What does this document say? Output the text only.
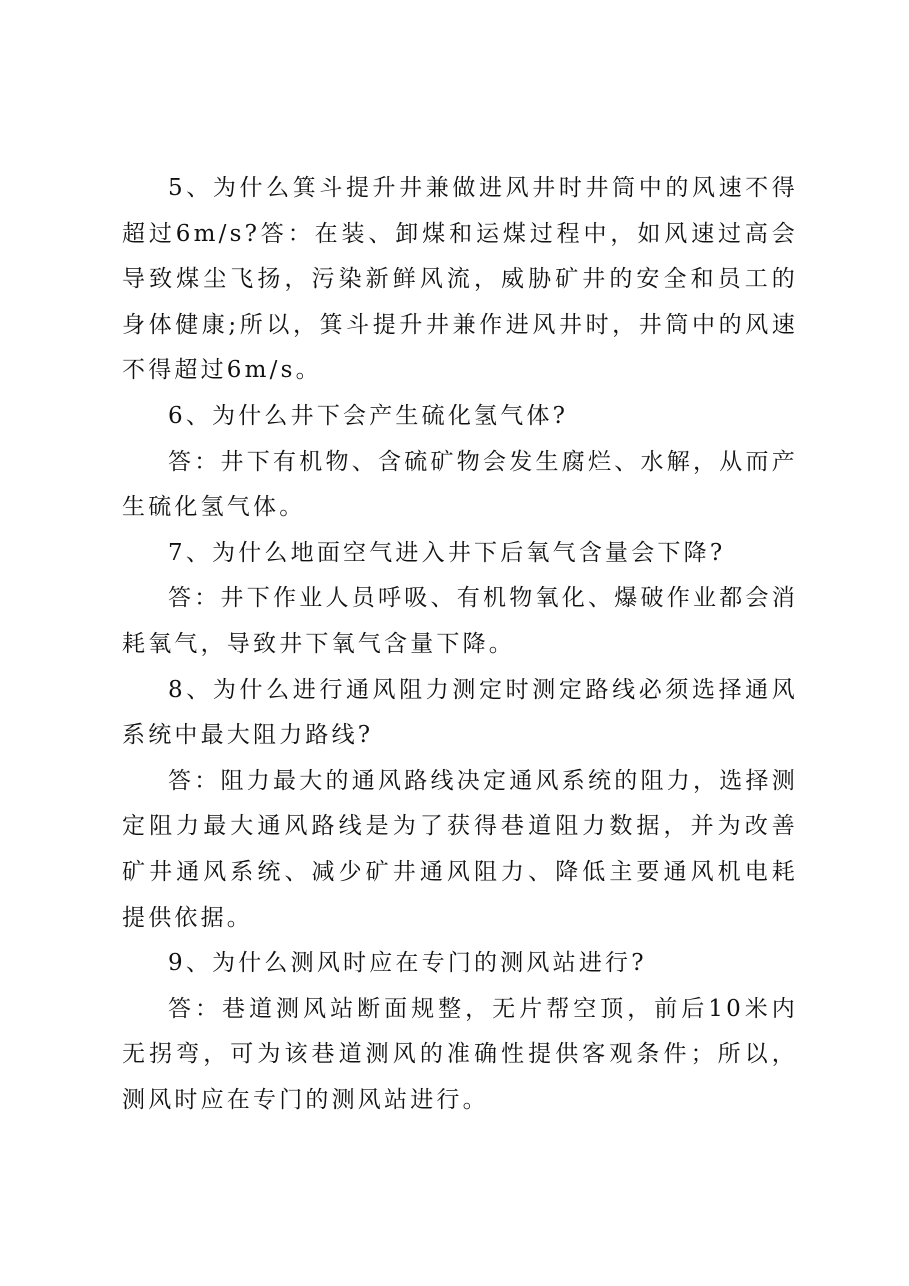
5、为什么箕斗提升井兼做进风井时井筒中的风速不得超过6m/s?答：在装、卸煤和运煤过程中，如风速过高会导致煤尘飞扬，污染新鲜风流，威胁矿井的安全和员工的身体健康;所以，箕斗提升井兼作进风井时，井筒中的风速不得超过6m/s。

6、为什么井下会产生硫化氢气体?

答：井下有机物、含硫矿物会发生腐烂、水解，从而产生硫化氢气体。

7、为什么地面空气进入井下后氧气含量会下降?

答：井下作业人员呼吸、有机物氧化、爆破作业都会消耗氧气，导致井下氧气含量下降。

8、为什么进行通风阻力测定时测定路线必须选择通风系统中最大阻力路线?

答：阻力最大的通风路线决定通风系统的阻力，选择测定阻力最大通风路线是为了获得巷道阻力数据，并为改善矿井通风系统、减少矿井通风阻力、降低主要通风机电耗提供依据。

9、为什么测风时应在专门的测风站进行?

答：巷道测风站断面规整，无片帮空顶，前后10米内无拐弯，可为该巷道测风的准确性提供客观条件；所以，测风时应在专门的测风站进行。
